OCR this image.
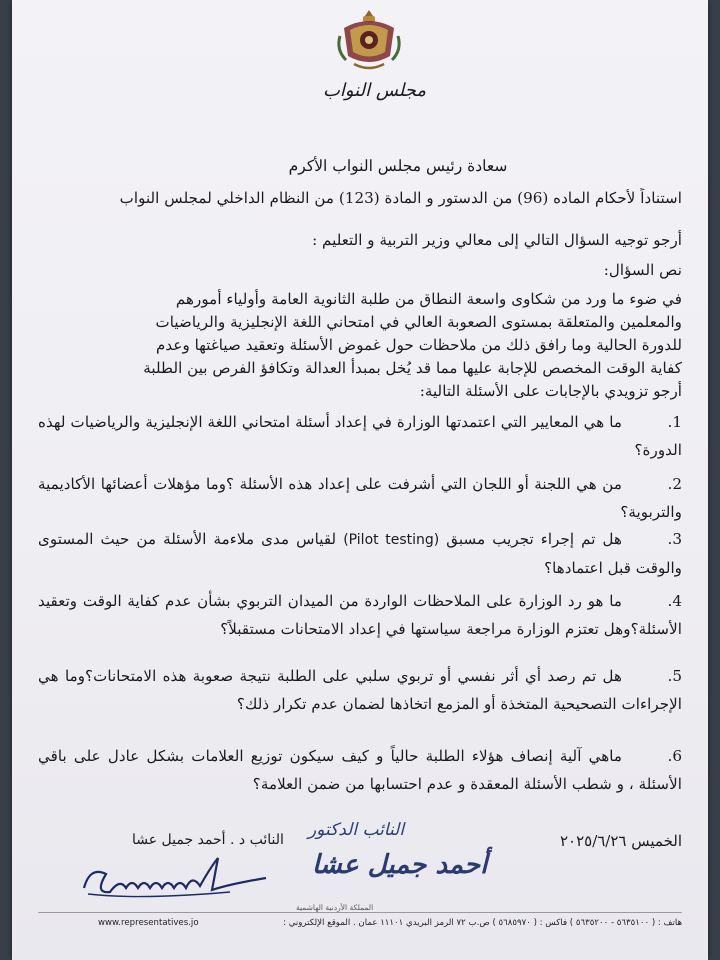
مجلس النواب
سعادة رئيس مجلس النواب الأكرم
استناداً لأحكام الماده (96) من الدستور و المادة (123) من النظام الداخلي لمجلس النواب
أرجو توجيه السؤال التالي إلى معالي وزير التربية و التعليم :
نص السؤال:
في ضوء ما ورد من شكاوى واسعة النطاق من طلبة الثانوية العامة وأولياء أمورهم
والمعلمين والمتعلقة بمستوى الصعوبة العالي في امتحاني اللغة الإنجليزية والرياضيات
للدورة الحالية وما رافق ذلك من ملاحظات حول غموض الأسئلة وتعقيد صياغتها وعدم
كفاية الوقت المخصص للإجابة عليها مما قد يُخل بمبدأ العدالة وتكافؤ الفرص بين الطلبة
أرجو تزويدي بالإجابات على الأسئلة التالية:
1.ما هي المعايير التي اعتمدتها الوزارة في إعداد أسئلة امتحاني اللغة الإنجليزية والرياضيات لهذه الدورة؟
2.من هي اللجنة أو اللجان التي أشرفت على إعداد هذه الأسئلة ؟وما مؤهلات أعضائها الأكاديمية والتربوية؟
3.هل تم إجراء تجريب مسبق (Pilot testing) لقياس مدى ملاءمة الأسئلة من حيث المستوى والوقت قبل اعتمادها؟
4.ما هو رد الوزارة على الملاحظات الواردة من الميدان التربوي بشأن عدم كفاية الوقت وتعقيد الأسئلة؟وهل تعتزم الوزارة مراجعة سياستها في إعداد الامتحانات مستقبلاً؟
5.هل تم رصد أي أثر نفسي أو تربوي سلبي على الطلبة نتيجة صعوبة هذه الامتحانات؟وما هي الإجراءات التصحيحية المتخذة أو المزمع اتخاذها لضمان عدم تكرار ذلك؟
6.ماهي آلية إنصاف هؤلاء الطلبة حالياً و كيف سيكون توزيع العلامات بشكل عادل على باقي الأسئلة ، و شطب الأسئلة المعقدة و عدم احتسابها من ضمن العلامة؟
الخميس ٢٠٢٥/٦/٢٦
النائب الدكتور
أحمد جميل عشا
النائب د . أحمد جميل عشا
المملكة الأردنية الهاشمية
هاتف : ( ٥٦٣٥١٠٠ - ٥٦٣٥٢٠٠ ) فاكس : ( ٥٦٨٥٩٧٠ ) ص.ب ٧٢ الرمز البريدي ١١١٠١ عمان . الموقع الإلكتروني :
www.representatives.jo
